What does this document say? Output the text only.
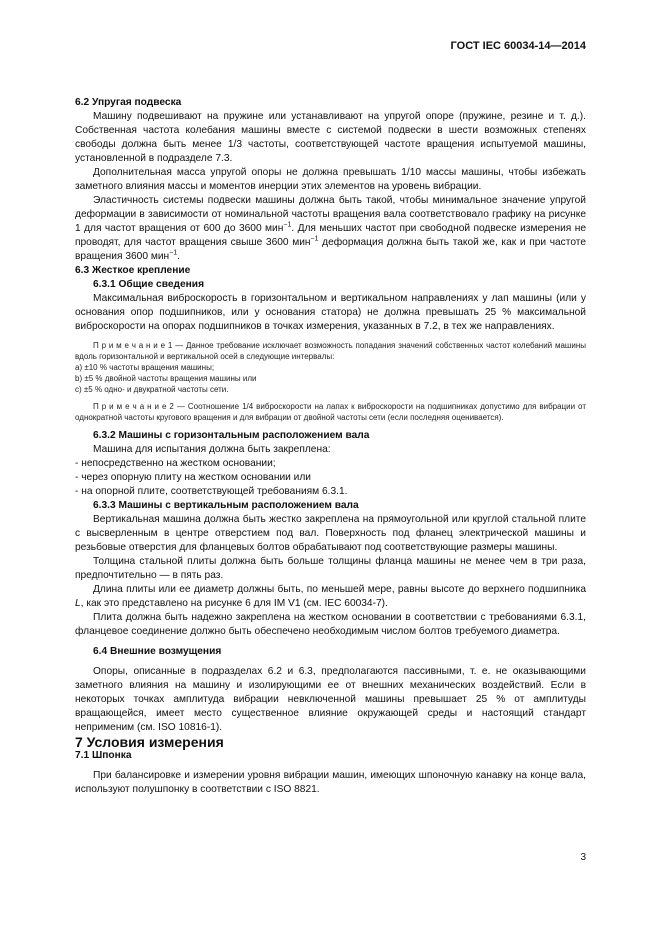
ГОСТ IEC 60034-14—2014

6.2 Упругая подвеска

Машину подвешивают на пружине или устанавливают на упругой опоре (пружине, резине и т. д.). Собственная частота колебания машины вместе с системой подвески в шести возможных степенях свободы должна быть менее 1/3 частоты, соответствующей частоте вращения испытуемой машины, установленной в подразделе 7.3.

Дополнительная масса упругой опоры не должна превышать 1/10 массы машины, чтобы избежать заметного влияния массы и моментов инерции этих элементов на уровень вибрации.

Эластичность системы подвески машины должна быть такой, чтобы минимальное значение упругой деформации в зависимости от номинальной частоты вращения вала соответствовало графику на рисунке 1 для частот вращения от 600 до 3600 мин$^{-1}$. Для меньших частот при свободной подвеске измерения не проводят, для частот вращения свыше 3600 мин$^{-1}$ деформация должна быть такой же, как и при частоте вращения 3600 мин$^{-1}$.

6.3 Жесткое крепление

6.3.1 Общие сведения

Максимальная виброскорость в горизонтальном и вертикальном направлениях у лап машины (или у основания опор подшипников, или у основания статора) не должна превышать 25 % максимальной виброскорости на опорах подшипников в точках измерения, указанных в 7.2, в тех же направлениях.

П р и м е ч а н и е 1 — Данное требование исключает возможность попадания значений собственных частот колебаний машины вдоль горизонтальной и вертикальной осей в следующие интервалы:

а) ±10 % частоты вращения машины;

b) ±5 % двойной частоты вращения машины или

c) ±5 % одно- и двукратной частоты сети.

П р и м е ч а н и е 2 — Соотношение 1/4 виброскорости на лапах к виброскорости на подшипниках допустимо для вибрации от однократной частоты кругового вращения и для вибрации от двойной частоты сети (если последняя оценивается).

6.3.2 Машины с горизонтальным расположением вала

Машина для испытания должна быть закреплена:

- непосредственно на жестком основании;

- через опорную плиту на жестком основании или

- на опорной плите, соответствующей требованиям 6.3.1.

6.3.3 Машины с вертикальным расположением вала

Вертикальная машина должна быть жестко закреплена на прямоугольной или круглой стальной плите с высверленным в центре отверстием под вал. Поверхность под фланец электрической машины и резьбовые отверстия для фланцевых болтов обрабатывают под соответствующие размеры машины.

Толщина стальной плиты должна быть больше толщины фланца машины не менее чем в три раза, предпочтительно — в пять раз.

Длина плиты или ее диаметр должны быть, по меньшей мере, равны высоте до верхнего подшипника L, как это представлено на рисунке 6 для IM V1 (см. IEC 60034-7).

Плита должна быть надежно закреплена на жестком основании в соответствии с требованиями 6.3.1, фланцевое соединение должно быть обеспечено необходимым числом болтов требуемого диаметра.

6.4 Внешние возмущения

Опоры, описанные в подразделах 6.2 и 6.3, предполагаются пассивными, т. е. не оказывающими заметного влияния на машину и изолирующими ее от внешних механических воздействий. Если в некоторых точках амплитуда вибрации невключенной машины превышает 25 % от амплитуды вращающейся, имеет место существенное влияние окружающей среды и настоящий стандарт неприменим (см. ISO 10816-1).

7 Условия измерения

7.1 Шпонка

При балансировке и измерении уровня вибрации машин, имеющих шпоночную канавку на конце вала, используют полушпонку в соответствии с ISO 8821.

3
